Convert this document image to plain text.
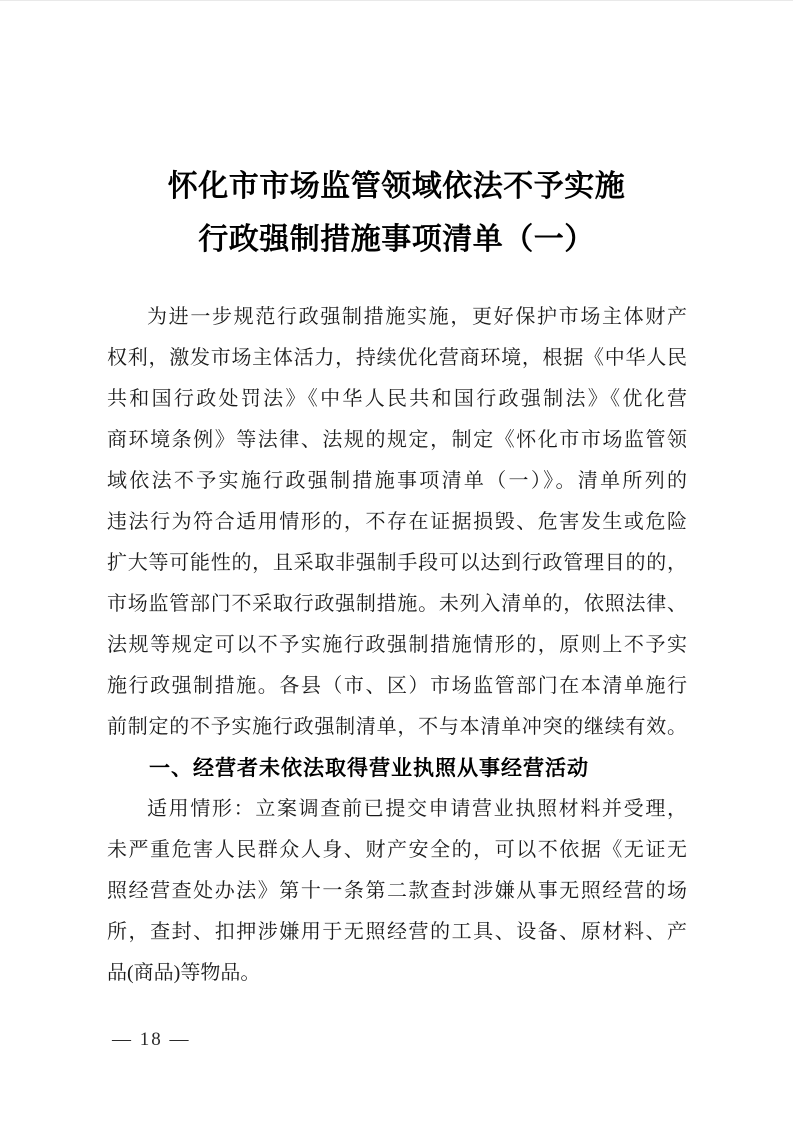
怀化市市场监管领域依法不予实施
行政强制措施事项清单（一）
为进一步规范行政强制措施实施，更好保护市场主体财产
权利，激发市场主体活力，持续优化营商环境，根据《中华人民
共和国行政处罚法》《中华人民共和国行政强制法》《优化营
商环境条例》等法律、法规的规定，制定《怀化市市场监管领
域依法不予实施行政强制措施事项清单（一）》。清单所列的
违法行为符合适用情形的，不存在证据损毁、危害发生或危险
扩大等可能性的，且采取非强制手段可以达到行政管理目的的，
市场监管部门不采取行政强制措施。未列入清单的，依照法律、
法规等规定可以不予实施行政强制措施情形的，原则上不予实
施行政强制措施。各县（市、区）市场监管部门在本清单施行
前制定的不予实施行政强制清单，不与本清单冲突的继续有效。
一、经营者未依法取得营业执照从事经营活动
适用情形：立案调查前已提交申请营业执照材料并受理，
未严重危害人民群众人身、财产安全的，可以不依据《无证无
照经营查处办法》第十一条第二款查封涉嫌从事无照经营的场
所，查封、扣押涉嫌用于无照经营的工具、设备、原材料、产
品(商品)等物品。
— 18 —
